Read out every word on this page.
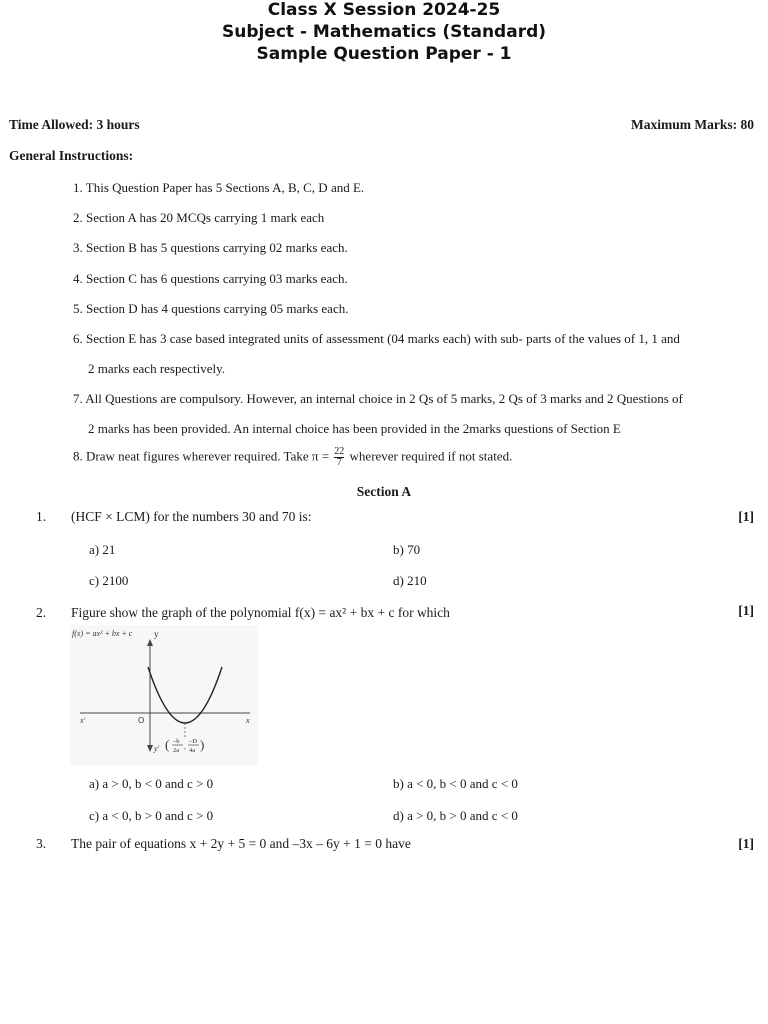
Class X Session 2024-25
Subject - Mathematics (Standard)
Sample Question Paper - 1
Time Allowed: 3 hours	Maximum Marks: 80
General Instructions:
1. This Question Paper has 5 Sections A, B, C, D and E.
2. Section A has 20 MCQs carrying 1 mark each
3. Section B has 5 questions carrying 02 marks each.
4. Section C has 6 questions carrying 03 marks each.
5. Section D has 4 questions carrying 05 marks each.
6. Section E has 3 case based integrated units of assessment (04 marks each) with sub- parts of the values of 1, 1 and
2 marks each respectively.
7. All Questions are compulsory. However, an internal choice in 2 Qs of 5 marks, 2 Qs of 3 marks and 2 Questions of
2 marks has been provided. An internal choice has been provided in the 2marks questions of Section E
8. Draw neat figures wherever required. Take $\pi = \frac{22}{7}$ wherever required if not stated.
Section A
1. (HCF × LCM) for the numbers 30 and 70 is:	[1]
a) 21	b) 70
c) 2100	d) 210
2. Figure show the graph of the polynomial f(x) = ax² + bx + c for which	[1]
f(x) = ax² + bx + c y
x'	x
O
y' ( –b
2a ,
–D
4a )
a) a > 0, b < 0 and c > 0	b) a < 0, b < 0 and c < 0
c) a < 0, b > 0 and c > 0	d) a > 0, b > 0 and c < 0
3. The pair of equations x + 2y + 5 = 0 and –3x – 6y + 1 = 0 have	[1]
